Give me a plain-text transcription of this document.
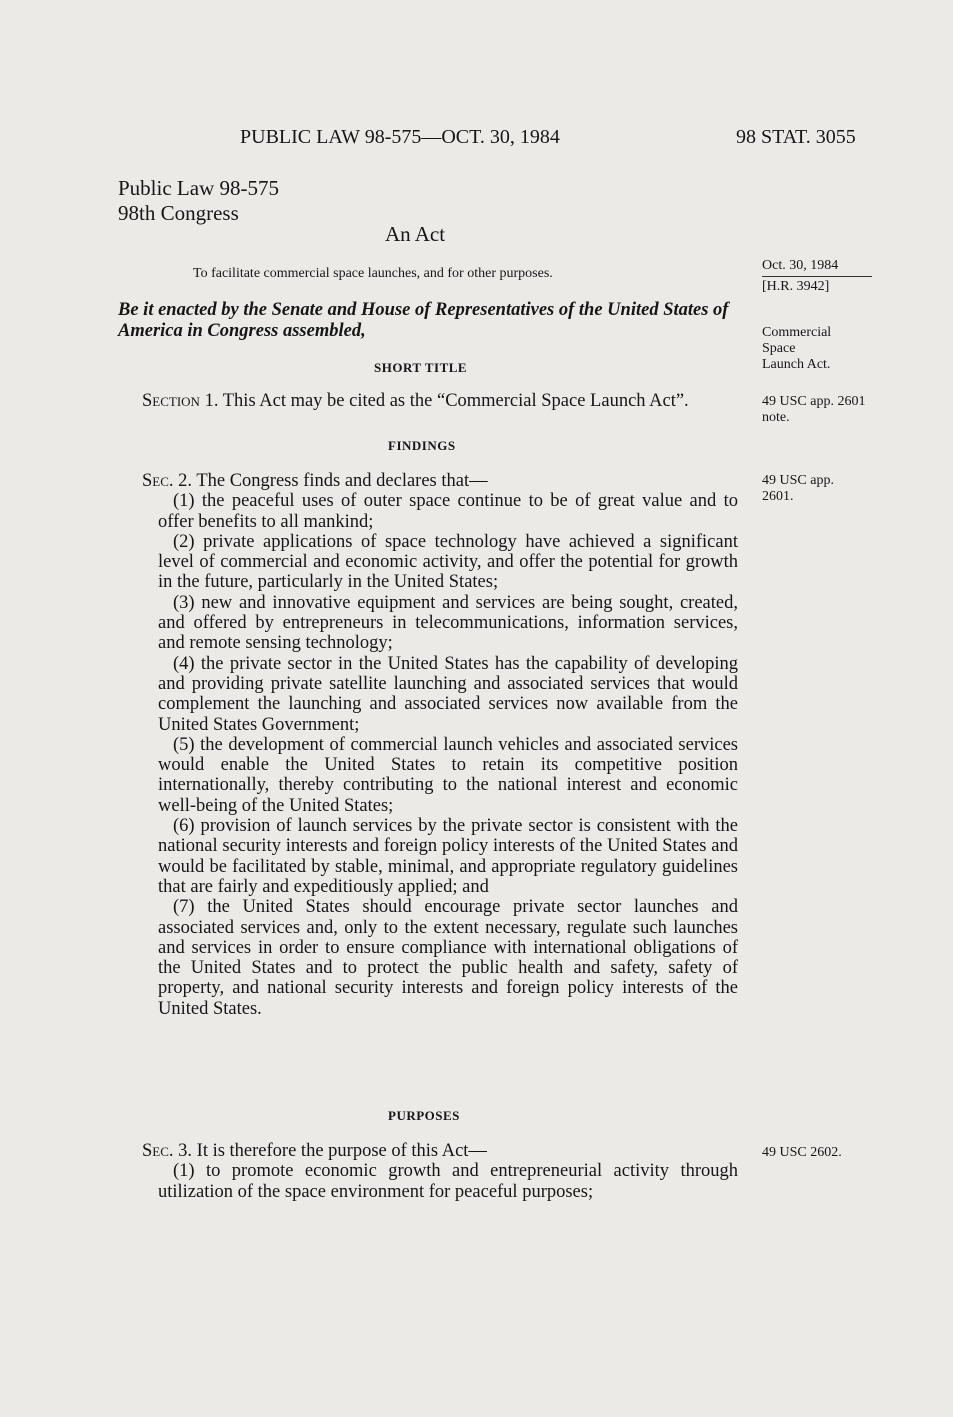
PUBLIC LAW 98-575—OCT. 30, 1984	98 STAT. 3055
Public Law 98-575
98th Congress
An Act
To facilitate commercial space launches, and for other purposes.
Be it enacted by the Senate and House of Representatives of the United States of America in Congress assembled,
SHORT TITLE

Section 1. This Act may be cited as the “Commercial Space Launch Act”.

FINDINGS

Sec. 2. The Congress finds and declares that—

(1) the peaceful uses of outer space continue to be of great value and to offer benefits to all mankind;

(2) private applications of space technology have achieved a significant level of commercial and economic activity, and offer the potential for growth in the future, particularly in the United States;

(3) new and innovative equipment and services are being sought, created, and offered by entrepreneurs in telecommunications, information services, and remote sensing technology;

(4) the private sector in the United States has the capability of developing and providing private satellite launching and associated services that would complement the launching and associated services now available from the United States Government;

(5) the development of commercial launch vehicles and associated services would enable the United States to retain its competitive position internationally, thereby contributing to the national interest and economic well-being of the United States;

(6) provision of launch services by the private sector is consistent with the national security interests and foreign policy interests of the United States and would be facilitated by stable, minimal, and appropriate regulatory guidelines that are fairly and expeditiously applied; and

(7) the United States should encourage private sector launches and associated services and, only to the extent necessary, regulate such launches and services in order to ensure compliance with international obligations of the United States and to protect the public health and safety, safety of property, and national security interests and foreign policy interests of the United States.

PURPOSES

Sec. 3. It is therefore the purpose of this Act—

(1) to promote economic growth and entrepreneurial activity through utilization of the space environment for peaceful purposes;

Oct. 30, 1984
[H.R. 3942]
Commercial
Space
Launch Act.
49 USC app. 2601
note.
49 USC app.
2601.
49 USC 2602.
